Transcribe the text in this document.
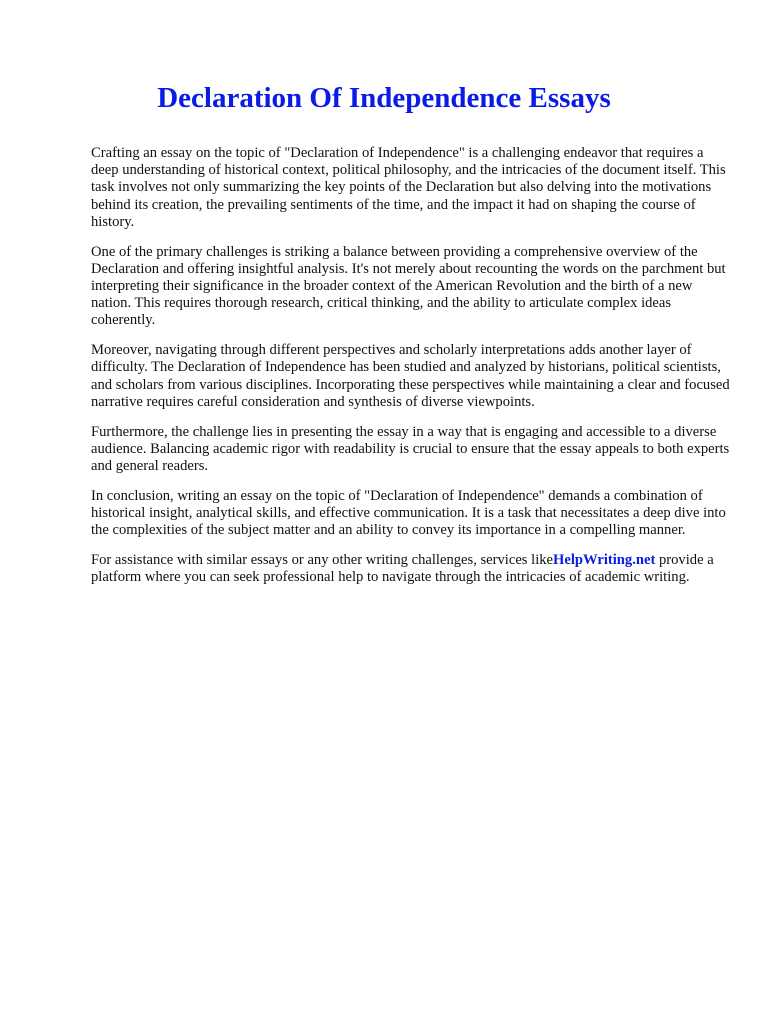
Declaration Of Independence Essays

Crafting an essay on the topic of "Declaration of Independence" is a challenging endeavor that requires a deep understanding of historical context, political philosophy, and the intricacies of the document itself. This task involves not only summarizing the key points of the Declaration but also delving into the motivations behind its creation, the prevailing sentiments of the time, and the impact it had on shaping the course of history.

One of the primary challenges is striking a balance between providing a comprehensive overview of the Declaration and offering insightful analysis. It's not merely about recounting the words on the parchment but interpreting their significance in the broader context of the American Revolution and the birth of a new nation. This requires thorough research, critical thinking, and the ability to articulate complex ideas coherently.

Moreover, navigating through different perspectives and scholarly interpretations adds another layer of difficulty. The Declaration of Independence has been studied and analyzed by historians, political scientists, and scholars from various disciplines. Incorporating these perspectives while maintaining a clear and focused narrative requires careful consideration and synthesis of diverse viewpoints.

Furthermore, the challenge lies in presenting the essay in a way that is engaging and accessible to a diverse audience. Balancing academic rigor with readability is crucial to ensure that the essay appeals to both experts and general readers.

In conclusion, writing an essay on the topic of "Declaration of Independence" demands a combination of historical insight, analytical skills, and effective communication. It is a task that necessitates a deep dive into the complexities of the subject matter and an ability to convey its importance in a compelling manner.

For assistance with similar essays or any other writing challenges, services likeHelpWriting.net provide a platform where you can seek professional help to navigate through the intricacies of academic writing.
